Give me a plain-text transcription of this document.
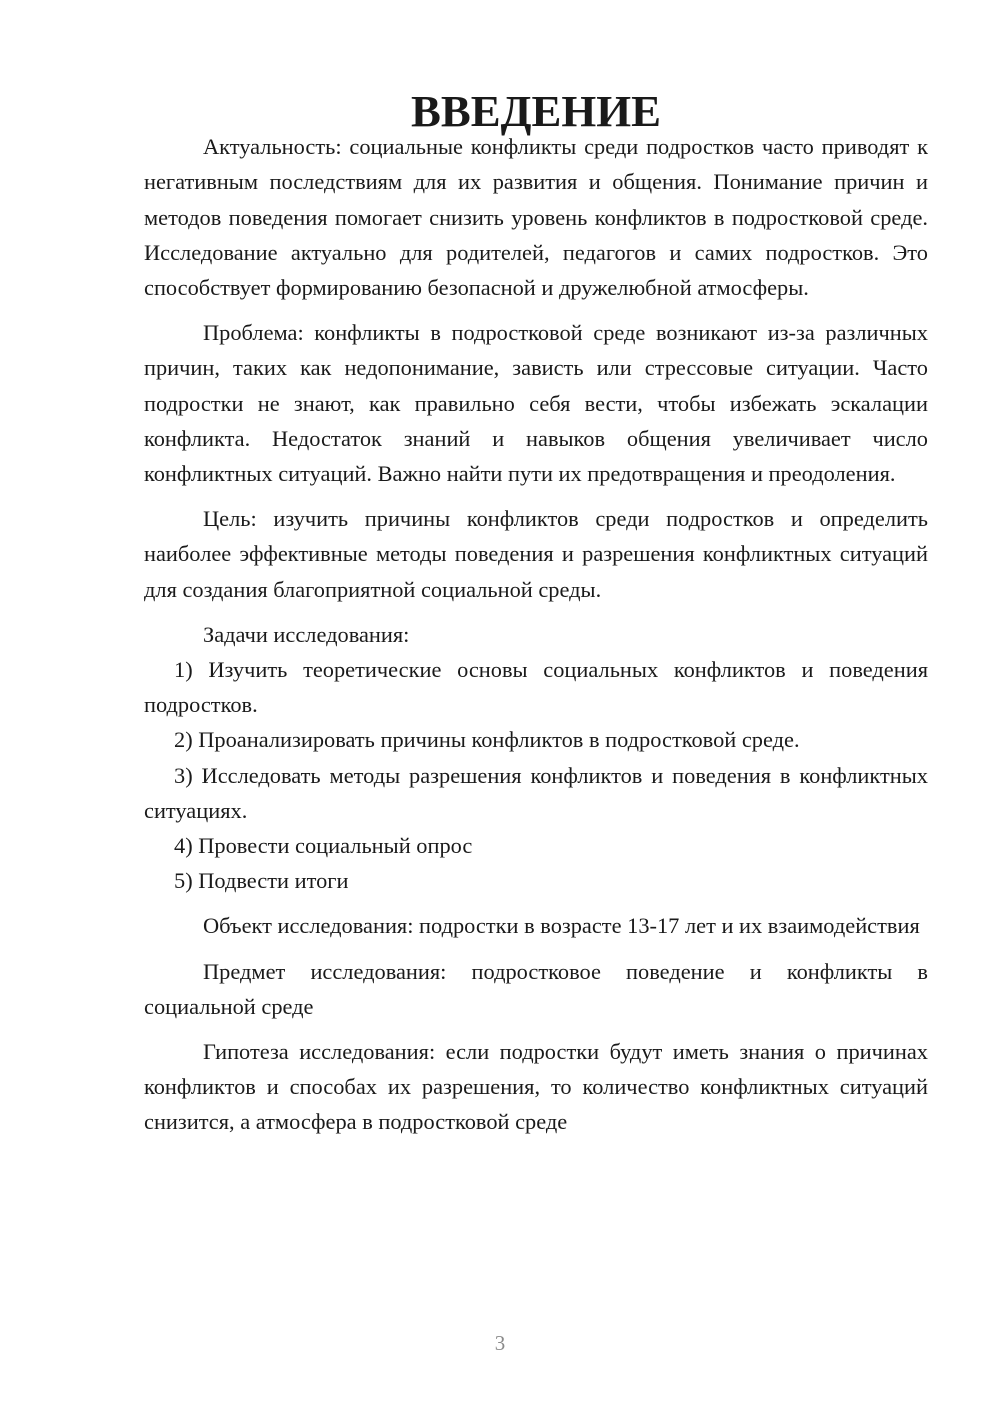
ВВЕДЕНИЕ

Актуальность: социальные конфликты среди подростков часто приводят к негативным последствиям для их развития и общения. Понимание причин и методов поведения помогает снизить уровень конфликтов в подростковой среде. Исследование актуально для родителей, педагогов и самих подростков. Это способствует формированию безопасной и дружелюбной атмосферы.

Проблема: конфликты в подростковой среде возникают из-за различных причин, таких как недопонимание, зависть или стрессовые ситуации. Часто подростки не знают, как правильно себя вести, чтобы избежать эскалации конфликта. Недостаток знаний и навыков общения увеличивает число конфликтных ситуаций. Важно найти пути их предотвращения и преодоления.

Цель: изучить причины конфликтов среди подростков и определить наиболее эффективные методы поведения и разрешения конфликтных ситуаций для создания благоприятной социальной среды.

Задачи исследования:

1) Изучить теоретические основы социальных конфликтов и поведения подростков.

2) Проанализировать причины конфликтов в подростковой среде.

3) Исследовать методы разрешения конфликтов и поведения в конфликтных ситуациях.

4) Провести социальный опрос

5) Подвести итоги

Объект исследования: подростки в возрасте 13-17 лет и их взаимодействия

Предмет исследования: подростковое поведение и конфликты в социальной среде

Гипотеза исследования: если подростки будут иметь знания о причинах конфликтов и способах их разрешения, то количество конфликтных ситуаций снизится, а атмосфера в подростковой среде

3
